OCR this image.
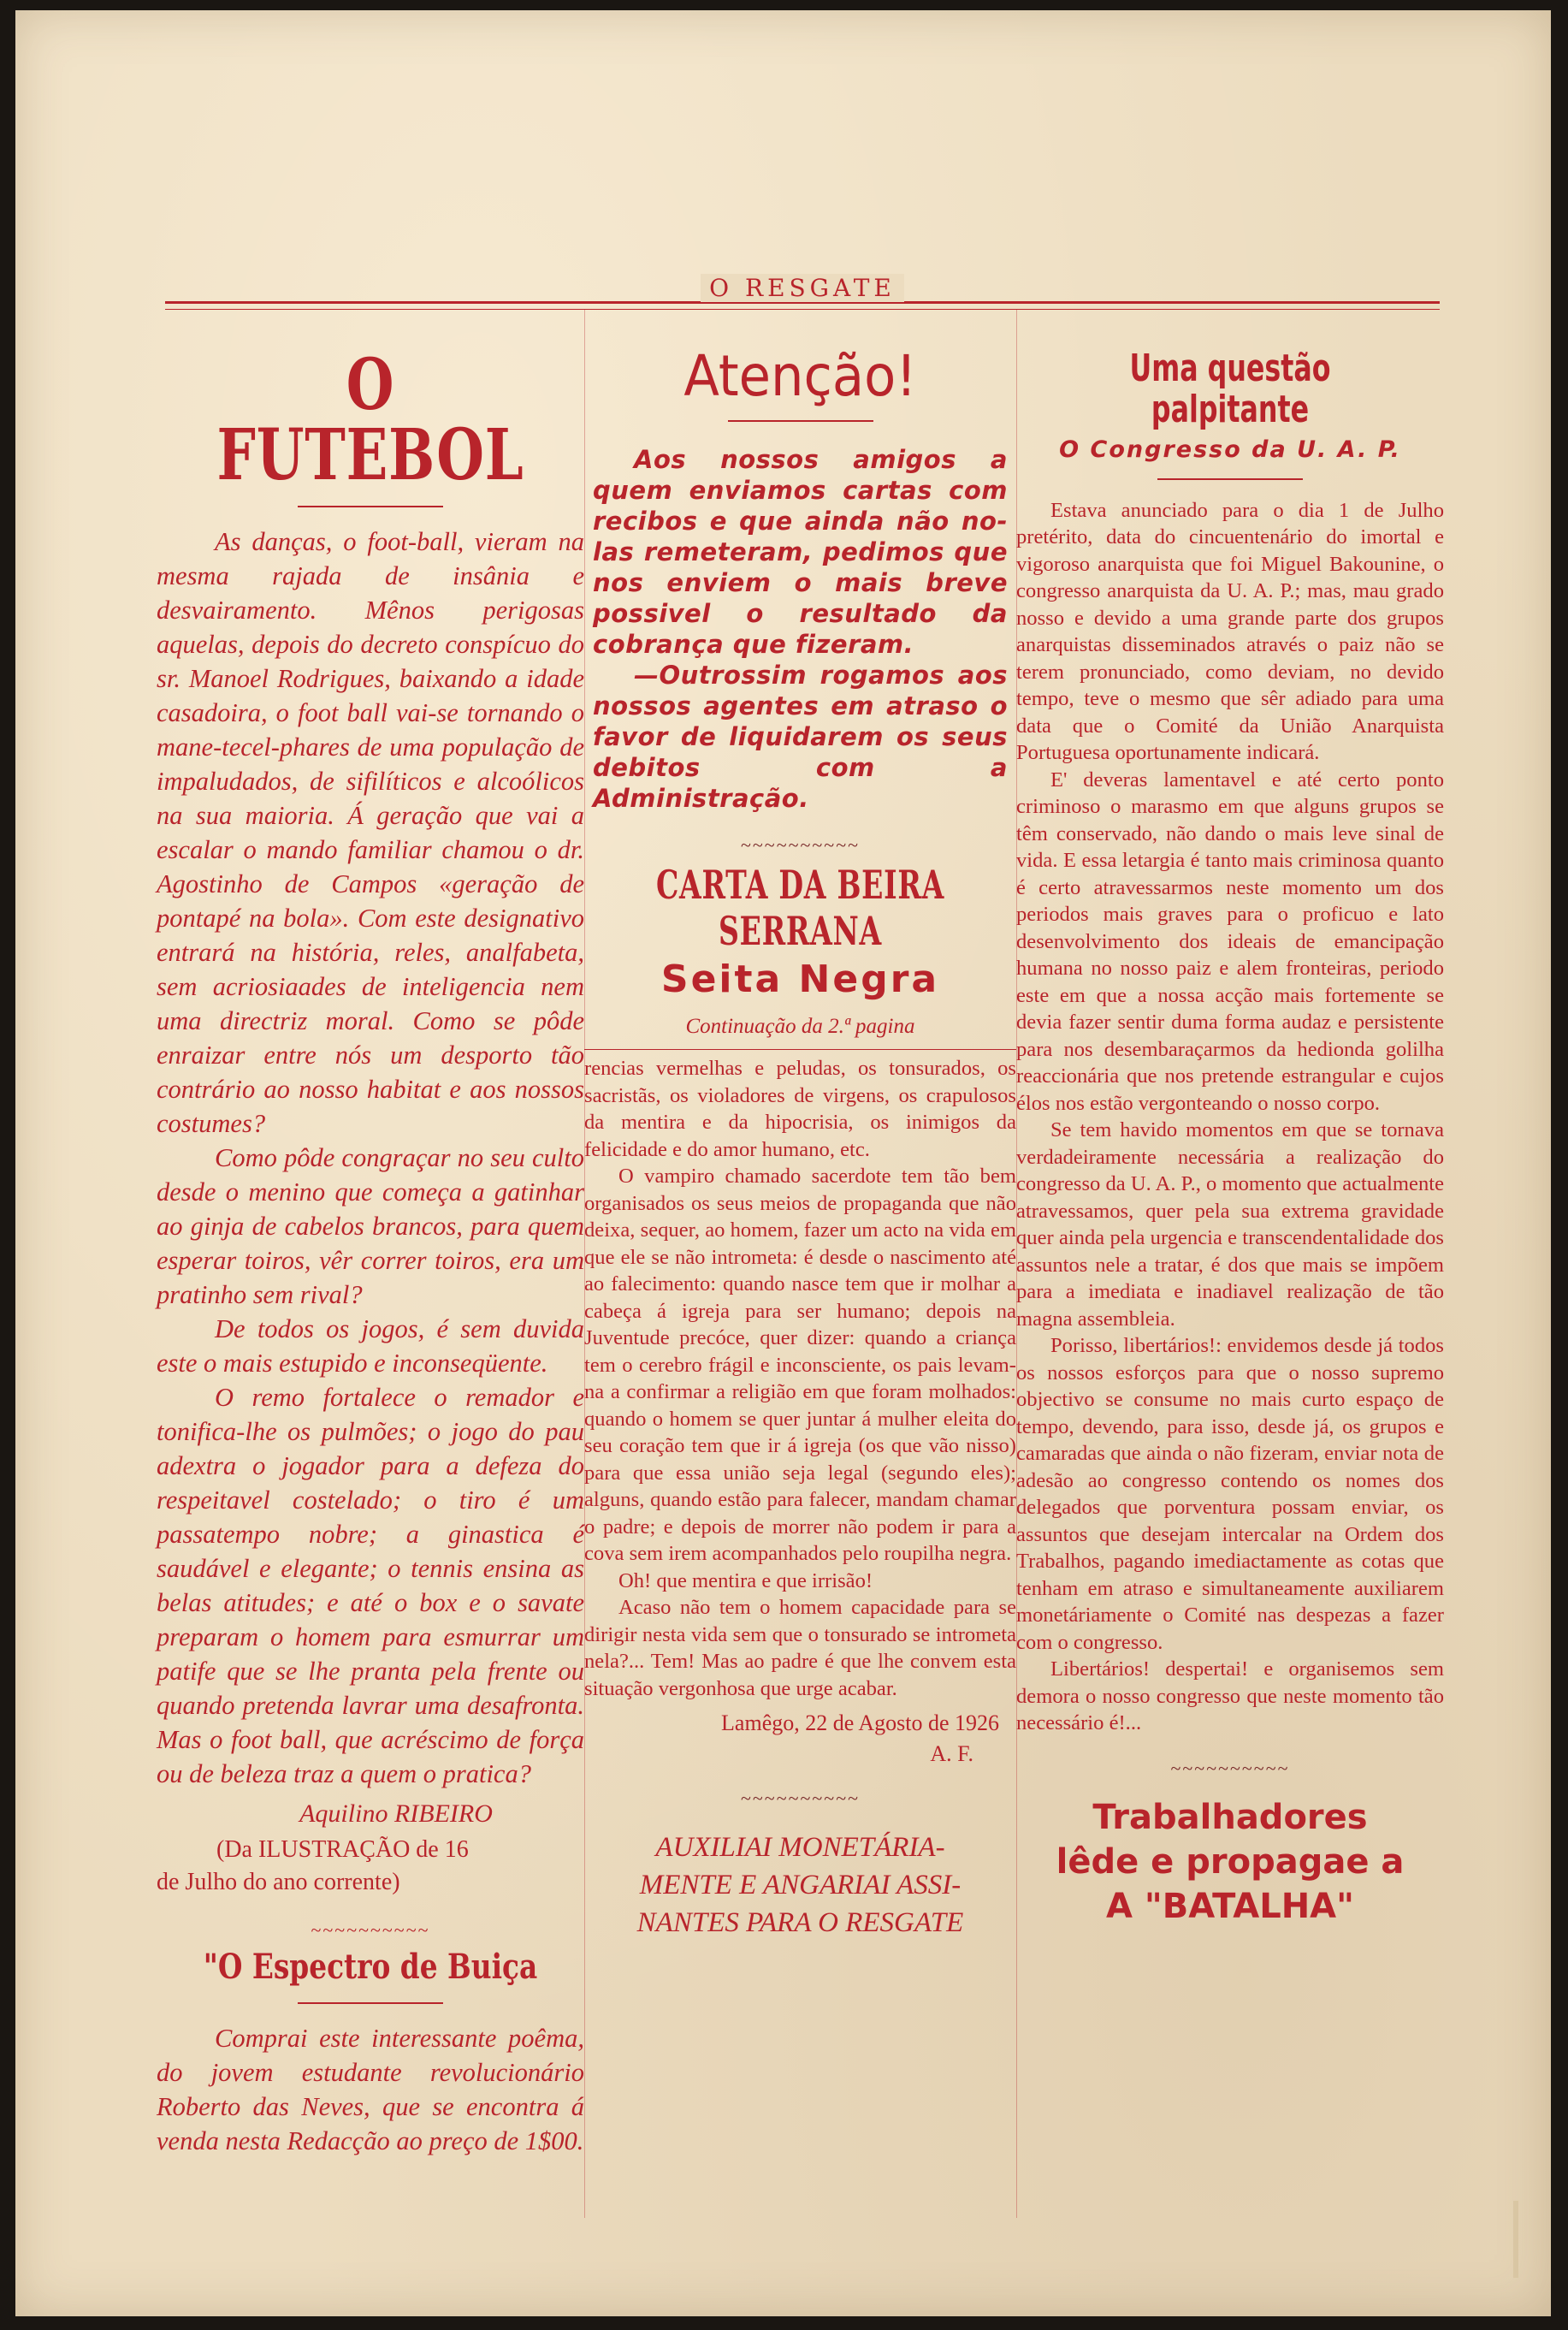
O RESGATE
O FUTEBOL

As danças, o foot-ball, vieram na mesma rajada de insânia e desvairamento. Mênos perigosas aquelas, depois do decreto conspícuo do sr. Manoel Rodrigues, baixando a idade casadoira, o foot ball vai-se tornando o mane-tecel-phares de uma população de impaludados, de sifilíticos e alcoólicos na sua maioria. Á geração que vai a escalar o mando familiar chamou o dr. Agostinho de Campos «geração de pontapé na bola». Com este designativo entrará na história, reles, analfabeta, sem acriosiaades de inteligencia nem uma directriz moral. Como se pôde enraizar entre nós um desporto tão contrário ao nosso habitat e aos nossos costumes?

Como pôde congraçar no seu culto desde o menino que começa a gatinhar ao ginja de cabelos brancos, para quem esperar toiros, vêr correr toiros, era um pratinho sem rival?

De todos os jogos, é sem duvida este o mais estupido e inconseqüente.

O remo fortalece o remador e tonifica-lhe os pulmões; o jogo do pau adextra o jogador para a defeza do respeitavel costelado; o tiro é um passatempo nobre; a ginastica é saudável e elegante; o tennis ensina as belas atitudes; e até o box e o savate preparam o homem para esmurrar um patife que se lhe pranta pela frente ou quando pretenda lavrar uma desafronta. Mas o foot ball, que acréscimo de força ou de beleza traz a quem o pratica?

Aquilino RIBEIRO
(Da ILUSTRAÇÃO de 16
de Julho do ano corrente)
~~~~~~~~~~
"O Espectro de Buiça

Comprai este interessante poêma, do jovem estudante revolucionário Roberto das Neves, que se encontra á venda nesta Redacção ao preço de 1$00.

Atenção!

Aos nossos amigos a quem enviamos cartas com recibos e que ainda não no-las remeteram, pedimos que nos enviem o mais breve possivel o resultado da cobrança que fizeram.

—Outrossim rogamos aos nossos agentes em atraso o favor de liquidarem os seus debitos com a Administração.

~~~~~~~~~~
CARTA DA BEIRA SERRANA
Seita Negra
Continuação da 2.ª pagina

rencias vermelhas e peludas, os tonsurados, os sacristãs, os violadores de virgens, os crapulosos da mentira e da hipocrisia, os inimigos da felicidade e do amor humano, etc.

O vampiro chamado sacerdote tem tão bem organisados os seus meios de propaganda que não deixa, sequer, ao homem, fazer um acto na vida em que ele se não intrometa: é desde o nascimento até ao falecimento: quando nasce tem que ir molhar a cabeça á igreja para ser humano; depois na Juventude precóce, quer dizer: quando a criança tem o cerebro frágil e inconsciente, os pais levam-na a confirmar a religião em que foram molhados: quando o homem se quer juntar á mulher eleita do seu coração tem que ir á igreja (os que vão nisso) para que essa união seja legal (segundo eles); alguns, quando estão para falecer, mandam chamar o padre; e depois de morrer não podem ir para a cova sem irem acompanhados pelo roupilha negra.

Oh! que mentira e que irrisão!

Acaso não tem o homem capacidade para se dirigir nesta vida sem que o tonsurado se intrometa nela?... Tem! Mas ao padre é que lhe convem esta situação vergonhosa que urge acabar.

Lamêgo, 22 de Agosto de 1926
A. F.
~~~~~~~~~~
AUXILIAI MONETÁRIA-
MENTE E ANGARIAI ASSI-
NANTES PARA O RESGATE
Uma questão palpitante
O Congresso da U. A. P.

Estava anunciado para o dia 1 de Julho pretérito, data do cincuentenário do imortal e vigoroso anarquista que foi Miguel Bakounine, o congresso anarquista da U. A. P.; mas, mau grado nosso e devido a uma grande parte dos grupos anarquistas disseminados através o paiz não se terem pronunciado, como deviam, no devido tempo, teve o mesmo que sêr adiado para uma data que o Comité da União Anarquista Portuguesa oportunamente indicará.

E' deveras lamentavel e até certo ponto criminoso o marasmo em que alguns grupos se têm conservado, não dando o mais leve sinal de vida. E essa letargia é tanto mais criminosa quanto é certo atravessarmos neste momento um dos periodos mais graves para o proficuo e lato desenvolvimento dos ideais de emancipação humana no nosso paiz e alem fronteiras, periodo este em que a nossa acção mais fortemente se devia fazer sentir duma forma audaz e persistente para nos desembaraçarmos da hedionda golilha reaccionária que nos pretende estrangular e cujos élos nos estão vergonteando o nosso corpo.

Se tem havido momentos em que se tornava verdadeiramente necessária a realização do congresso da U. A. P., o momento que actualmente atravessamos, quer pela sua extrema gravidade quer ainda pela urgencia e transcendentalidade dos assuntos nele a tratar, é dos que mais se impõem para a imediata e inadiavel realização de tão magna assembleia.

Porisso, libertários!: envidemos desde já todos os nossos esforços para que o nosso supremo objectivo se consume no mais curto espaço de tempo, devendo, para isso, desde já, os grupos e camaradas que ainda o não fizeram, enviar nota de adesão ao congresso contendo os nomes dos delegados que porventura possam enviar, os assuntos que desejam intercalar na Ordem dos Trabalhos, pagando imediactamente as cotas que tenham em atraso e simultaneamente auxiliarem monetáriamente o Comité nas despezas a fazer com o congresso.

Libertários! despertai! e organisemos sem demora o nosso congresso que neste momento tão necessário é!...

~~~~~~~~~~
Trabalhadores
lêde e propagae a
A "BATALHA"
